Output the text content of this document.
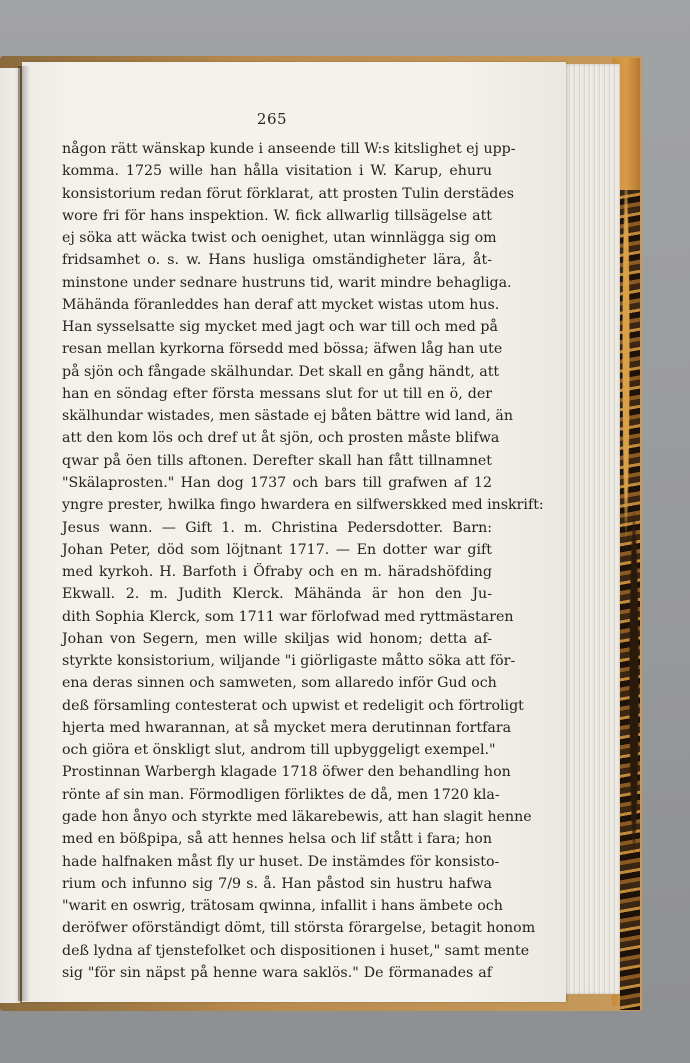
265
någon rätt wänskap kunde i anseende till W:s kitslighet ej upp-
komma. 1725 wille han hålla visitation i W. Karup, ehuru
konsistorium redan förut förklarat, att prosten Tulin derstädes
wore fri för hans inspektion. W. fick allwarlig tillsägelse att
ej söka att wäcka twist och oenighet, utan winnlägga sig om
fridsamhet o. s. w. Hans husliga omständigheter lära, åt-
minstone under sednare hustruns tid, warit mindre behagliga.
Mähända föranleddes han deraf att mycket wistas utom hus.
Han sysselsatte sig mycket med jagt och war till och med på
resan mellan kyrkorna försedd med bössa; äfwen låg han ute
på sjön och fångade skälhundar. Det skall en gång händt, att
han en söndag efter första messans slut for ut till en ö, der
skälhundar wistades, men sästade ej båten bättre wid land, än
att den kom lös och dref ut åt sjön, och prosten måste blifwa
qwar på öen tills aftonen. Derefter skall han fått tillnamnet
"Skälaprosten." Han dog 1737 och bars till grafwen af 12
yngre prester, hwilka fingo hwardera en silfwerskked med inskrift:
Jesus wann. — Gift 1. m. Christina Pedersdotter. Barn:
Johan Peter, död som löjtnant 1717. — En dotter war gift
med kyrkoh. H. Barfoth i Öfraby och en m. häradshöfding
Ekwall. 2. m. Judith Klerck. Mähända är hon den Ju-
dith Sophia Klerck, som 1711 war förlofwad med ryttmästaren
Johan von Segern, men wille skiljas wid honom; detta af-
styrkte konsistorium, wiljande "i giörligaste måtto söka att för-
ena deras sinnen och samweten, som allaredo inför Gud och
deß församling contesterat och upwist et redeligit och förtroligt
hjerta med hwarannan, at så mycket mera derutinnan fortfara
och giöra et önskligt slut, androm till upbyggeligt exempel."
Prostinnan Warbergh klagade 1718 öfwer den behandling hon
rönte af sin man. Förmodligen förliktes de då, men 1720 kla-
gade hon ånyo och styrkte med läkarebewis, att han slagit henne
med en bößpipa, så att hennes helsa och lif stått i fara; hon
hade halfnaken måst fly ur huset. De instämdes för konsisto-
rium och infunno sig 7/9 s. å. Han påstod sin hustru hafwa
"warit en oswrig, trätosam qwinna, infallit i hans ämbete och
deröfwer oförständigt dömt, till största förargelse, betagit honom
deß lydna af tjenstefolket och dispositionen i huset," samt mente
sig "för sin näpst på henne wara saklös." De förmanades af
